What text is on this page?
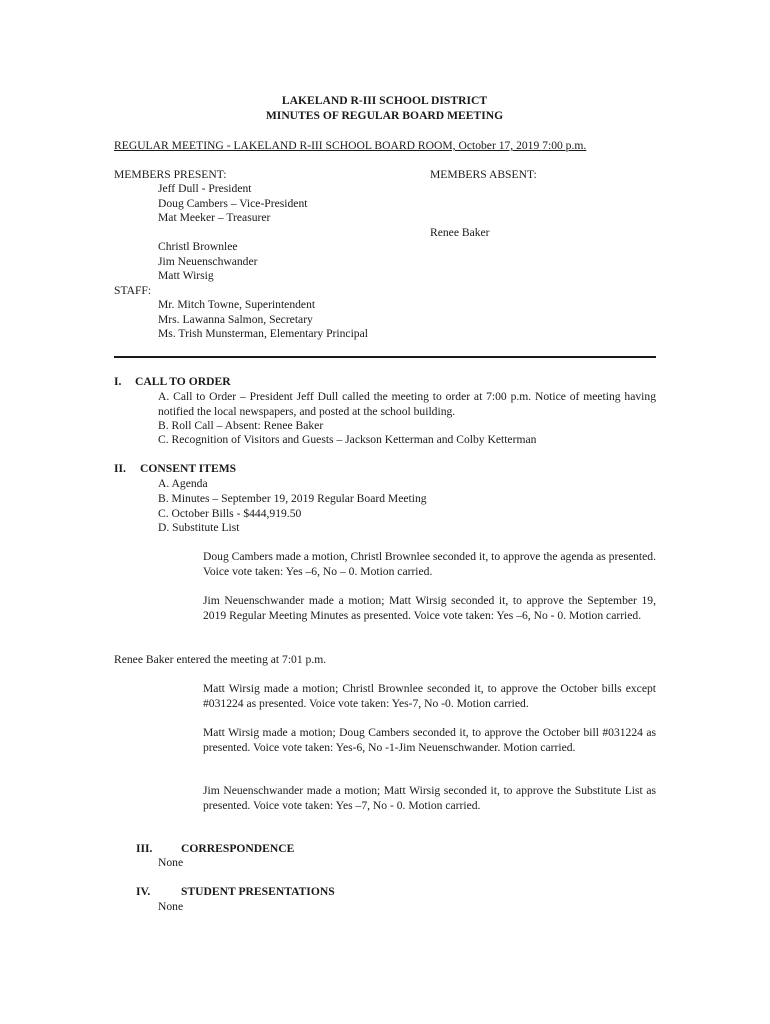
LAKELAND R-III SCHOOL DISTRICT
MINUTES OF REGULAR BOARD MEETING
REGULAR MEETING - LAKELAND R-III SCHOOL BOARD ROOM, October 17, 2019 7:00 p.m.
MEMBERS PRESENT:	MEMBERS ABSENT:
Jeff Dull - President
Doug Cambers – Vice-President
Mat Meeker – Treasurer
Renee Baker
Christl Brownlee
Jim Neuenschwander
Matt Wirsig
STAFF:
Mr. Mitch Towne, Superintendent
Mrs. Lawanna Salmon, Secretary
Ms. Trish Munsterman, Elementary Principal
I. CALL TO ORDER
A. Call to Order – President Jeff Dull called the meeting to order at 7:00 p.m. Notice of meeting having notified the local newspapers, and posted at the school building.
B. Roll Call – Absent: Renee Baker
C. Recognition of Visitors and Guests – Jackson Ketterman and Colby Ketterman
II. CONSENT ITEMS
A. Agenda
B. Minutes – September 19, 2019 Regular Board Meeting
C. October Bills - $444,919.50
D. Substitute List
Doug Cambers made a motion, Christl Brownlee seconded it, to approve the agenda as presented. Voice vote taken: Yes –6, No – 0. Motion carried.
Jim Neuenschwander made a motion; Matt Wirsig seconded it, to approve the September 19, 2019 Regular Meeting Minutes as presented. Voice vote taken: Yes –6, No - 0. Motion carried.
Renee Baker entered the meeting at 7:01 p.m.
Matt Wirsig made a motion; Christl Brownlee seconded it, to approve the October bills except #031224 as presented. Voice vote taken: Yes-7, No -0. Motion carried.
Matt Wirsig made a motion; Doug Cambers seconded it, to approve the October bill #031224 as presented. Voice vote taken: Yes-6, No -1-Jim Neuenschwander. Motion carried.
Jim Neuenschwander made a motion; Matt Wirsig seconded it, to approve the Substitute List as presented. Voice vote taken: Yes –7, No - 0. Motion carried.
III. CORRESPONDENCE
None
IV.	STUDENT PRESENTATIONS
None
